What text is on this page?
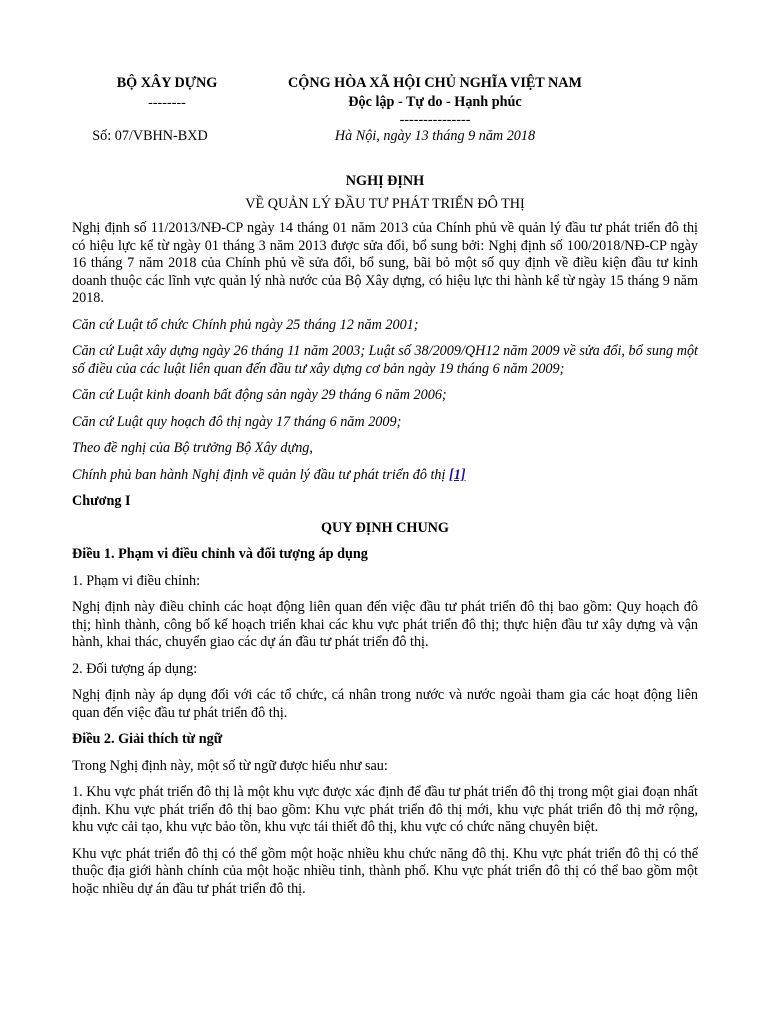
BỘ XÂY DỰNG
--------
Số: 07/VBHN-BXD
CỘNG HÒA XÃ HỘI CHỦ NGHĨA VIỆT NAM
Độc lập - Tự do - Hạnh phúc
---------------
Hà Nội, ngày 13 tháng 9 năm 2018
NGHỊ ĐỊNH
VỀ QUẢN LÝ ĐẦU TƯ PHÁT TRIỂN ĐÔ THỊ

Nghị định số 11/2013/NĐ-CP ngày 14 tháng 01 năm 2013 của Chính phủ về quản lý đầu tư phát triển đô thị có hiệu lực kể từ ngày 01 tháng 3 năm 2013 được sửa đổi, bổ sung bởi: Nghị định số 100/2018/NĐ-CP ngày 16 tháng 7 năm 2018 của Chính phủ về sửa đổi, bổ sung, bãi bỏ một số quy định về điều kiện đầu tư kinh doanh thuộc các lĩnh vực quản lý nhà nước của Bộ Xây dựng, có hiệu lực thi hành kể từ ngày 15 tháng 9 năm 2018.

Căn cứ Luật tổ chức Chính phủ ngày 25 tháng 12 năm 2001;

Căn cứ Luật xây dựng ngày 26 tháng 11 năm 2003; Luật số 38/2009/QH12 năm 2009 về sửa đổi, bổ sung một số điều của các luật liên quan đến đầu tư xây dựng cơ bản ngày 19 tháng 6 năm 2009;

Căn cứ Luật kinh doanh bất động sản ngày 29 tháng 6 năm 2006;

Căn cứ Luật quy hoạch đô thị ngày 17 tháng 6 năm 2009;

Theo đề nghị của Bộ trưởng Bộ Xây dựng,

Chính phủ ban hành Nghị định về quản lý đầu tư phát triển đô thị [1]

Chương I

QUY ĐỊNH CHUNG

Điều 1. Phạm vi điều chỉnh và đối tượng áp dụng

1. Phạm vi điều chỉnh:

Nghị định này điều chỉnh các hoạt động liên quan đến việc đầu tư phát triển đô thị bao gồm: Quy hoạch đô thị; hình thành, công bố kế hoạch triển khai các khu vực phát triển đô thị; thực hiện đầu tư xây dựng và vận hành, khai thác, chuyển giao các dự án đầu tư phát triển đô thị.

2. Đối tượng áp dụng:

Nghị định này áp dụng đối với các tổ chức, cá nhân trong nước và nước ngoài tham gia các hoạt động liên quan đến việc đầu tư phát triển đô thị.

Điều 2. Giải thích từ ngữ

Trong Nghị định này, một số từ ngữ được hiểu như sau:

1. Khu vực phát triển đô thị là một khu vực được xác định để đầu tư phát triển đô thị trong một giai đoạn nhất định. Khu vực phát triển đô thị bao gồm: Khu vực phát triển đô thị mới, khu vực phát triển đô thị mở rộng, khu vực cải tạo, khu vực bảo tồn, khu vực tái thiết đô thị, khu vực có chức năng chuyên biệt.

Khu vực phát triển đô thị có thể gồm một hoặc nhiều khu chức năng đô thị. Khu vực phát triển đô thị có thể thuộc địa giới hành chính của một hoặc nhiều tỉnh, thành phố. Khu vực phát triển đô thị có thể bao gồm một hoặc nhiều dự án đầu tư phát triển đô thị.
